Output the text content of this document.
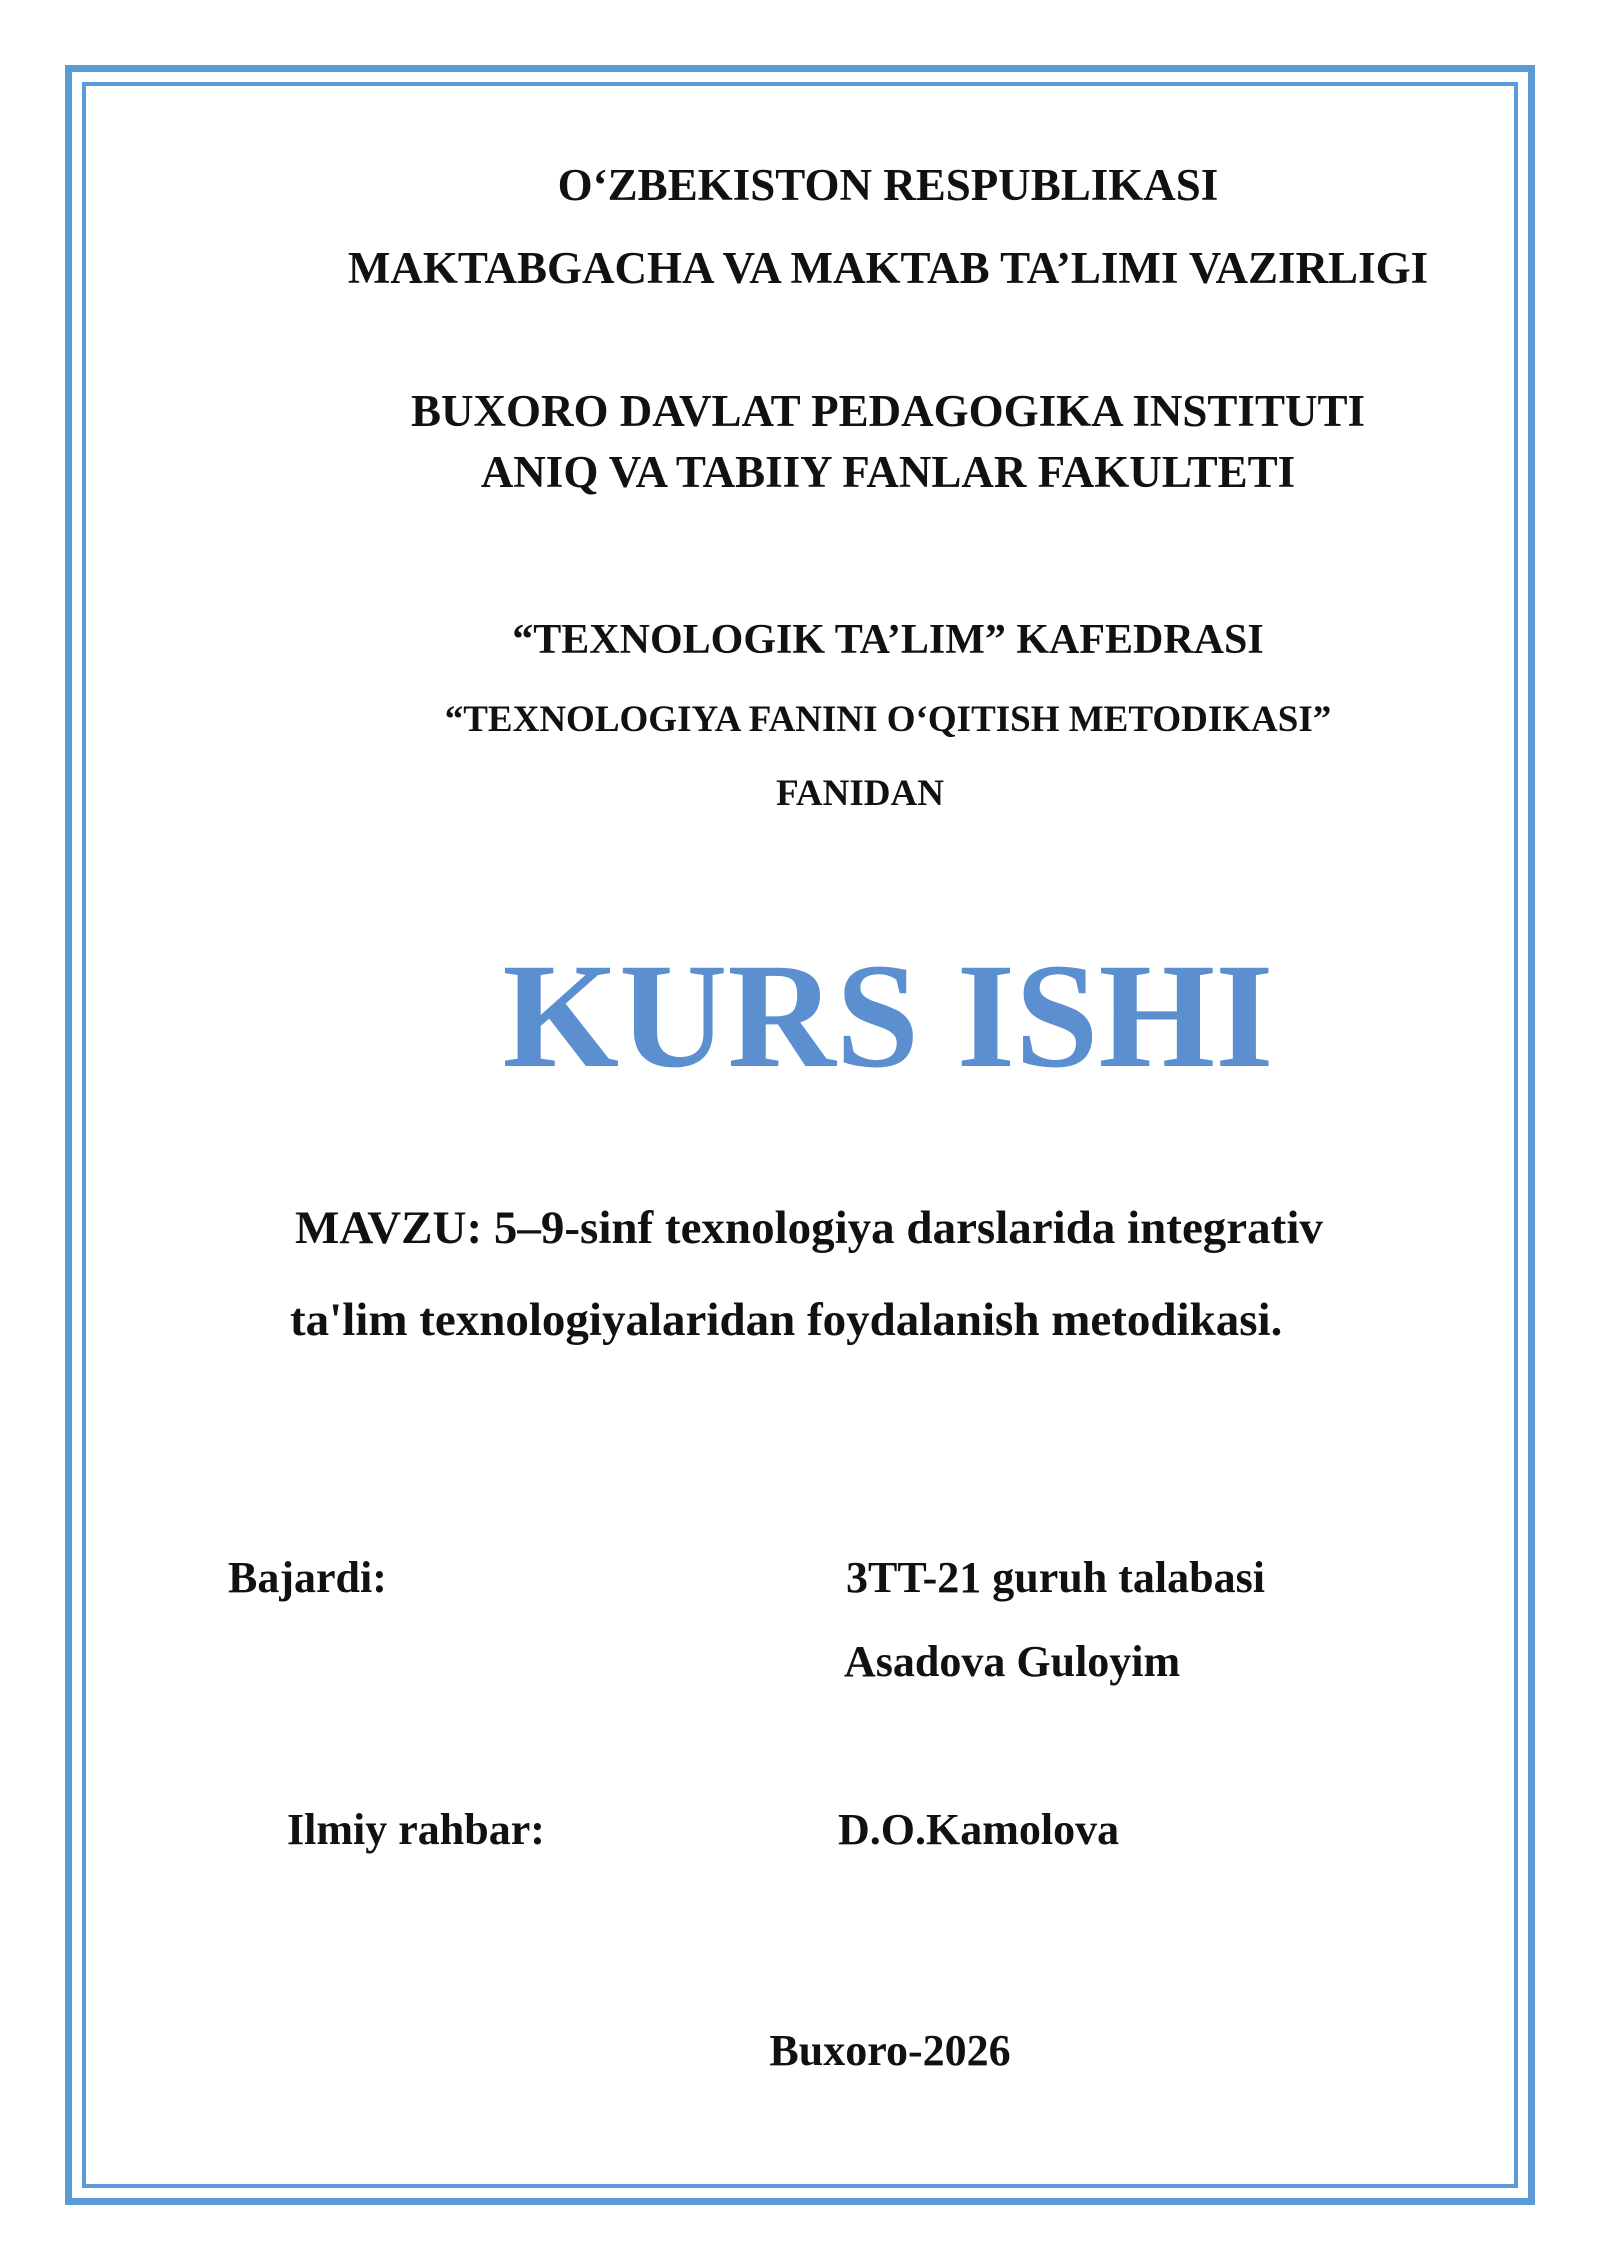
O‘ZBEKISTON RESPUBLIKASI
MAKTABGACHA VA MAKTAB TA’LIMI VAZIRLIGI
BUXORO DAVLAT PEDAGOGIKA INSTITUTI
ANIQ VA TABIIY FANLAR FAKULTETI
“TEXNOLOGIK TA’LIM” KAFEDRASI
“TEXNOLOGIYA FANINI O‘QITISH METODIKASI”
FANIDAN
KURS ISHI
MAVZU: 5–9-sinf texnologiya darslarida integrativ
ta'lim texnologiyalaridan foydalanish metodikasi.
Bajardi:	3TT-21 guruh talabasi
Asadova Guloyim
Ilmiy rahbar:	D.O.Kamolova
Buxoro-2026
